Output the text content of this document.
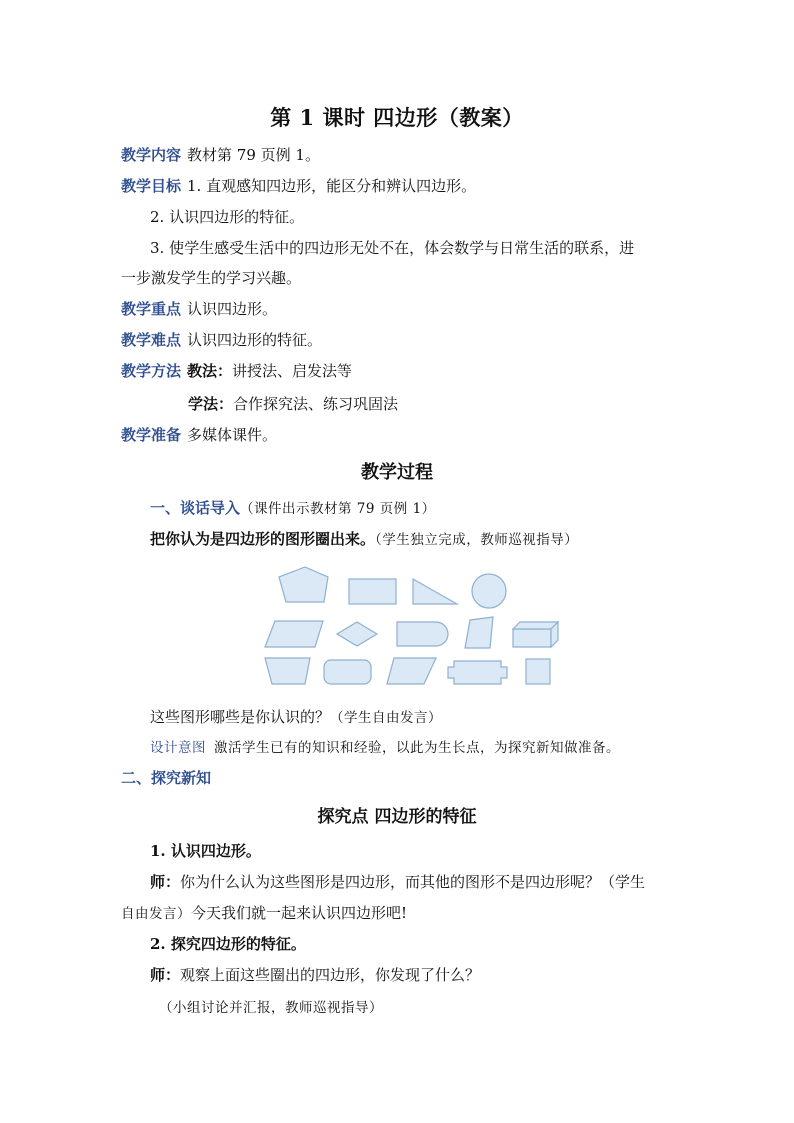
第 1 课时 四边形（教案）
教学内容 教材第 79 页例 1。
教学目标 1. 直观感知四边形，能区分和辨认四边形。
2. 认识四边形的特征。
3. 使学生感受生活中的四边形无处不在，体会数学与日常生活的联系，进
一步激发学生的学习兴趣。
教学重点 认识四边形。
教学难点 认识四边形的特征。
教学方法 教法：讲授法、启发法等
学法：合作探究法、练习巩固法
教学准备 多媒体课件。
教学过程
一、谈话导入（课件出示教材第 79 页例 1）
把你认为是四边形的图形圈出来。（学生独立完成，教师巡视指导）
这些图形哪些是你认识的？（学生自由发言）
设计意图 激活学生已有的知识和经验，以此为生长点，为探究新知做准备。
二、探究新知
探究点 四边形的特征
1. 认识四边形。
师：你为什么认为这些图形是四边形，而其他的图形不是四边形呢？（学生
自由发言）今天我们就一起来认识四边形吧!
2. 探究四边形的特征。
师：观察上面这些圈出的四边形，你发现了什么？
（小组讨论并汇报，教师巡视指导）
